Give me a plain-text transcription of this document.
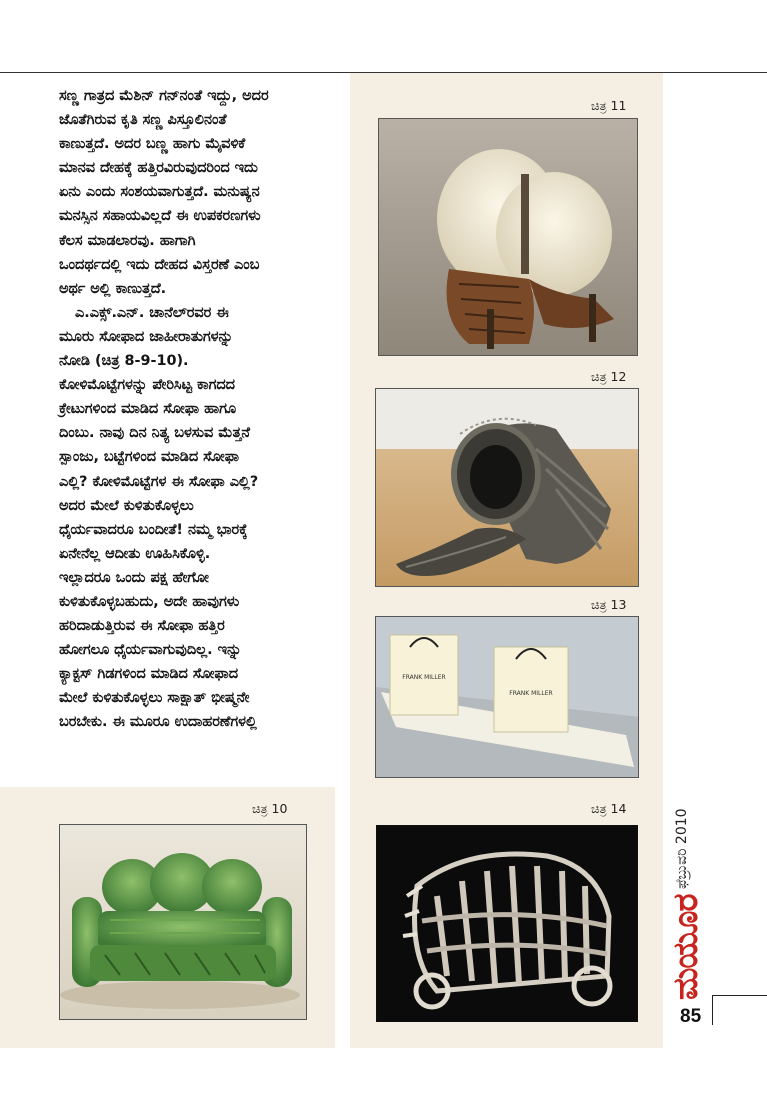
ಸಣ್ಣ ಗಾತ್ರದ ಮೆಶಿನ್ ಗನ್‌ನಂತೆ ಇದ್ದು, ಅದರ
ಜೊತೆಗಿರುವ ಕೃತಿ ಸಣ್ಣ ಪಿಸ್ತೂಲಿನಂತೆ
ಕಾಣುತ್ತದೆ. ಅದರ ಬಣ್ಣ ಹಾಗು ಮೈವಳಿಕೆ
ಮಾನವ ದೇಹಕ್ಕೆ ಹತ್ತಿರವಿರುವುದರಿಂದ ಇದು
ಏನು ಎಂದು ಸಂಶಯವಾಗುತ್ತದೆ. ಮನುಷ್ಯನ
ಮನಸ್ಸಿನ ಸಹಾಯವಿಲ್ಲದೆ ಈ ಉಪಕರಣಗಳು
ಕೆಲಸ ಮಾಡಲಾರವು. ಹಾಗಾಗಿ
ಒಂದರ್ಥದಲ್ಲಿ ಇದು ದೇಹದ ವಿಸ್ತರಣೆ ಎಂಬ
ಅರ್ಥ ಅಲ್ಲಿ ಕಾಣುತ್ತದೆ.
ಎ.ಎಕ್ಸ್.ಎನ್. ಚಾನೆಲ್‌ರವರ ಈ
ಮೂರು ಸೋಫಾದ ಜಾಹೀರಾತುಗಳನ್ನು
ನೋಡಿ (ಚಿತ್ರ 8-9-10).
ಕೋಳಿಮೊಟ್ಟೆಗಳನ್ನು ಪೇರಿಸಿಟ್ಟ ಕಾಗದದ
ಕ್ರೇಟುಗಳಿಂದ ಮಾಡಿದ ಸೋಫಾ ಹಾಗೂ
ದಿಂಬು. ನಾವು ದಿನ ನಿತ್ಯ ಬಳಸುವ ಮೆತ್ತನೆ
ಸ್ಪಾಂಜು, ಬಟ್ಟೆಗಳಿಂದ ಮಾಡಿದ ಸೋಫಾ
ಎಲ್ಲಿ? ಕೋಳಿಮೊಟ್ಟೆಗಳ ಈ ಸೋಫಾ ಎಲ್ಲಿ?
ಅದರ ಮೇಲೆ ಕುಳಿತುಕೊಳ್ಳಲು
ಧೈರ್ಯವಾದರೂ ಬಂದೀತೆ! ನಮ್ಮ ಭಾರಕ್ಕೆ
ಏನೇನೆಲ್ಲ ಆದೀತು ಊಹಿಸಿಕೊಳ್ಳಿ.
ಇಲ್ಲಾದರೂ ಒಂದು ಪಕ್ಷ ಹೇಗೋ
ಕುಳಿತುಕೊಳ್ಳಬಹುದು, ಅದೇ ಹಾವುಗಳು
ಹರಿದಾಡುತ್ತಿರುವ ಈ ಸೋಫಾ ಹತ್ತಿರ
ಹೋಗಲೂ ಧೈರ್ಯವಾಗುವುದಿಲ್ಲ. ಇನ್ನು
ಕ್ಯಾಕ್ಟಸ್ ಗಿಡಗಳಿಂದ ಮಾಡಿದ ಸೋಫಾದ
ಮೇಲೆ ಕುಳಿತುಕೊಳ್ಳಲು ಸಾಕ್ಷಾತ್ ಭೀಷ್ಮನೇ
ಬರಬೇಕು. ಈ ಮೂರೂ ಉದಾಹರಣೆಗಳಲ್ಲಿ
ಚಿತ್ರ 11
ಚಿತ್ರ 12
ಚಿತ್ರ 13
FRANK MILLER
FRANK MILLER
ಚಿತ್ರ 14
ಚಿತ್ರ 10	ಫೆಬ್ರುವರಿ 2010
ಮಯೂರ
85
